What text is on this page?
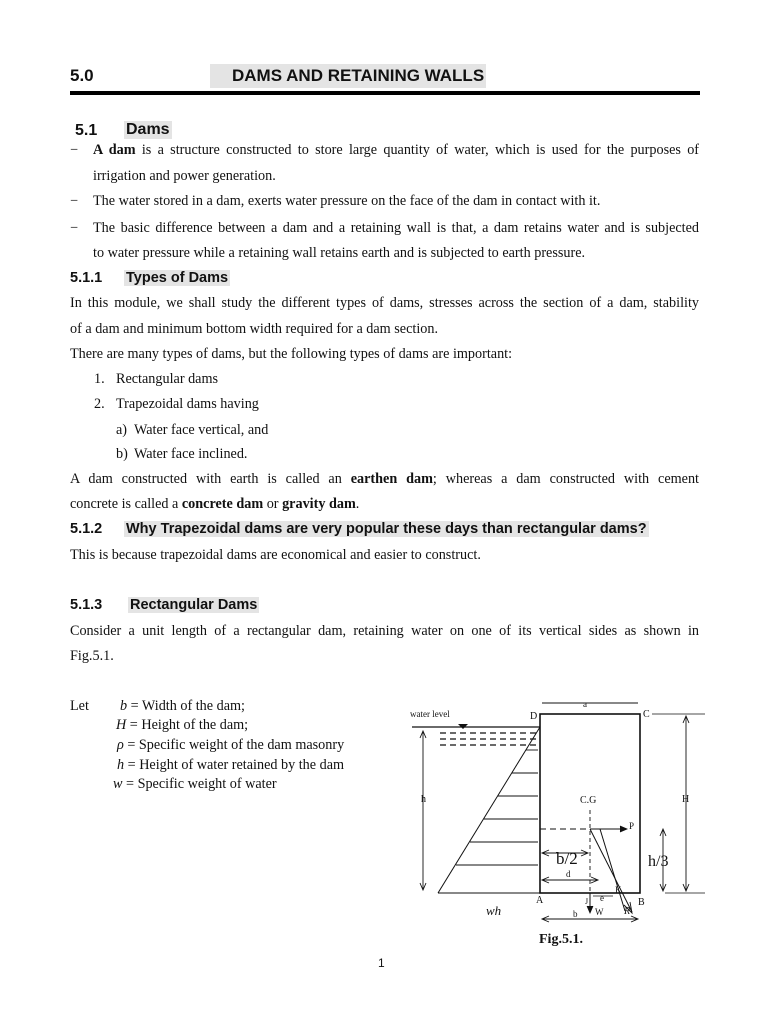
5.0	DAMS AND RETAINING WALLS
5.1 Dams
− A dam is a structure constructed to store large quantity of water, which is used for the purposes of
irrigation and power generation.
− The water stored in a dam, exerts water pressure on the face of the dam in contact with it.
− The basic difference between a dam and a retaining wall is that, a dam retains water and is subjected
to water pressure while a retaining wall retains earth and is subjected to earth pressure.
5.1.1 Types of Dams
In this module, we shall study the different types of dams, stresses across the section of a dam, stability
of a dam and minimum bottom width required for a dam section.
There are many types of dams, but the following types of dams are important:
1. Rectangular dams
2. Trapezoidal dams having
a) Water face vertical, and
b) Water face inclined.
A dam constructed with earth is called an earthen dam; whereas a dam constructed with cement
concrete is called a concrete dam or gravity dam.
5.1.2 Why Trapezoidal dams are very popular these days than rectangular dams?
This is because trapezoidal dams are economical and easier to construct.
5.1.3 Rectangular Dams
Consider a unit length of a rectangular dam, retaining water on one of its vertical sides as shown in
Fig.5.1.
Let b = Width of the dam;
H = Height of the dam;
ρ = Specific weight of the dam masonry
h = Height of water retained by the dam
w = Specific weight of water
water level
h
a
D	C
H
C.G
P
h/3
b/2
d
K
R
A	J e	B
W
wh	b
Fig.5.1.
1
